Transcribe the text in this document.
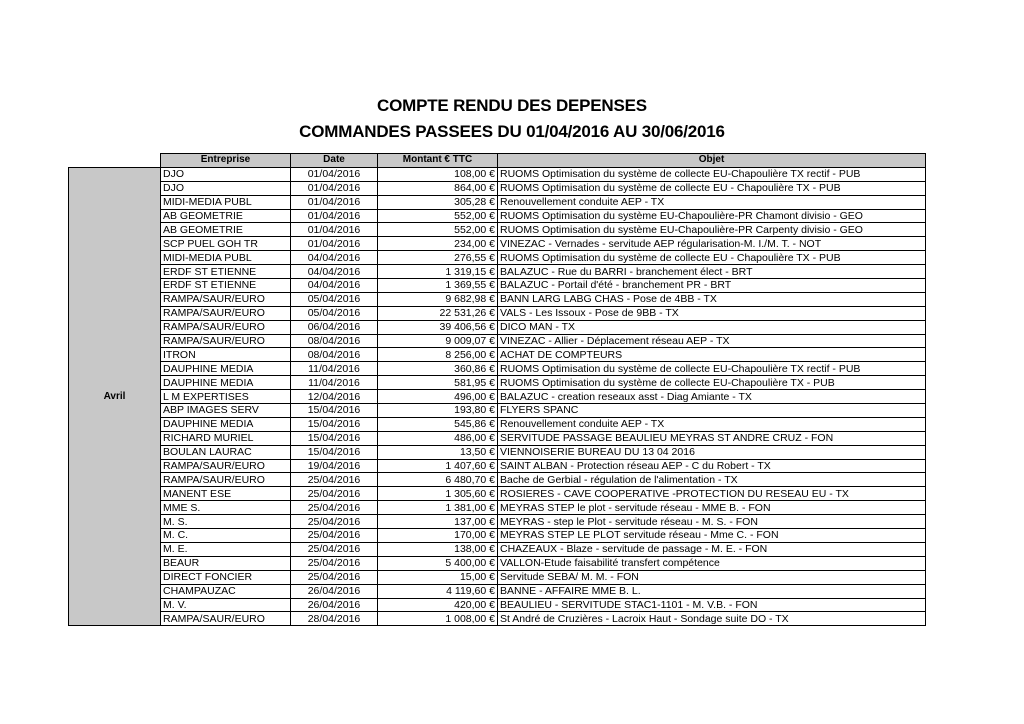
COMPTE RENDU DES DEPENSES
COMMANDES PASSEES DU 01/04/2016 AU 30/06/2016
	Entreprise	Date	Montant € TTC	Objet
Avril	DJO	01/04/2016	108,00 €	RUOMS Optimisation du système de collecte EU-Chapoulière TX rectif - PUB
	DJO	01/04/2016	864,00 €	RUOMS Optimisation du système de collecte EU - Chapoulière TX - PUB
	MIDI-MEDIA PUBL	01/04/2016	305,28 €	Renouvellement conduite AEP - TX
	AB GEOMETRIE	01/04/2016	552,00 €	RUOMS Optimisation du système EU-Chapoulière-PR Chamont divisio - GEO
	AB GEOMETRIE	01/04/2016	552,00 €	RUOMS Optimisation du système EU-Chapoulière-PR Carpenty divisio - GEO
	SCP PUEL GOH TR	01/04/2016	234,00 €	VINEZAC - Vernades - servitude AEP régularisation-M. I./M. T. - NOT
	MIDI-MEDIA PUBL	04/04/2016	276,55 €	RUOMS Optimisation du système de collecte EU - Chapoulière TX - PUB
	ERDF ST ETIENNE	04/04/2016	1 319,15 €	BALAZUC - Rue du BARRI - branchement élect - BRT
	ERDF ST ETIENNE	04/04/2016	1 369,55 €	BALAZUC - Portail d'été - branchement PR - BRT
	RAMPA/SAUR/EURO	05/04/2016	9 682,98 €	BANN LARG LABG CHAS - Pose de 4BB - TX
	RAMPA/SAUR/EURO	05/04/2016	22 531,26 €	VALS - Les Issoux - Pose de 9BB - TX
	RAMPA/SAUR/EURO	06/04/2016	39 406,56 €	DICO MAN - TX
	RAMPA/SAUR/EURO	08/04/2016	9 009,07 €	VINEZAC - Allier - Déplacement réseau AEP - TX
	ITRON	08/04/2016	8 256,00 €	ACHAT DE COMPTEURS
	DAUPHINE MEDIA	11/04/2016	360,86 €	RUOMS Optimisation du système de collecte EU-Chapoulière TX rectif - PUB
	DAUPHINE MEDIA	11/04/2016	581,95 €	RUOMS Optimisation du système de collecte EU-Chapoulière TX - PUB
	L M EXPERTISES	12/04/2016	496,00 €	BALAZUC - creation reseaux asst - Diag Amiante - TX
	ABP IMAGES SERV	15/04/2016	193,80 €	FLYERS SPANC
	DAUPHINE MEDIA	15/04/2016	545,86 €	Renouvellement conduite AEP - TX
	RICHARD MURIEL	15/04/2016	486,00 €	SERVITUDE PASSAGE BEAULIEU MEYRAS ST ANDRE CRUZ - FON
	BOULAN LAURAC	15/04/2016	13,50 €	VIENNOISERIE BUREAU DU 13 04 2016
	RAMPA/SAUR/EURO	19/04/2016	1 407,60 €	SAINT ALBAN - Protection réseau AEP - C du Robert - TX
	RAMPA/SAUR/EURO	25/04/2016	6 480,70 €	Bache de Gerbial - régulation de l'alimentation - TX
	MANENT ESE	25/04/2016	1 305,60 €	ROSIERES - CAVE COOPERATIVE -PROTECTION DU RESEAU EU - TX
	MME S.	25/04/2016	1 381,00 €	MEYRAS STEP le plot - servitude réseau - MME B. - FON
	M. S.	25/04/2016	137,00 €	MEYRAS - step le Plot - servitude réseau - M. S. - FON
	M. C.	25/04/2016	170,00 €	MEYRAS STEP LE PLOT servitude réseau - Mme C. - FON
	M. E.	25/04/2016	138,00 €	CHAZEAUX - Blaze - servitude de passage - M. E. - FON
	BEAUR	25/04/2016	5 400,00 €	VALLON-Etude faisabilité transfert compétence
	DIRECT FONCIER	25/04/2016	15,00 €	Servitude SEBA/ M. M. - FON
	CHAMPAUZAC	26/04/2016	4 119,60 €	BANNE - AFFAIRE MME B. L.
	M. V.	26/04/2016	420,00 €	BEAULIEU - SERVITUDE STAC1-1101 - M. V.B. - FON
	RAMPA/SAUR/EURO	28/04/2016	1 008,00 €	St André de Cruzières - Lacroix Haut - Sondage suite DO - TX
